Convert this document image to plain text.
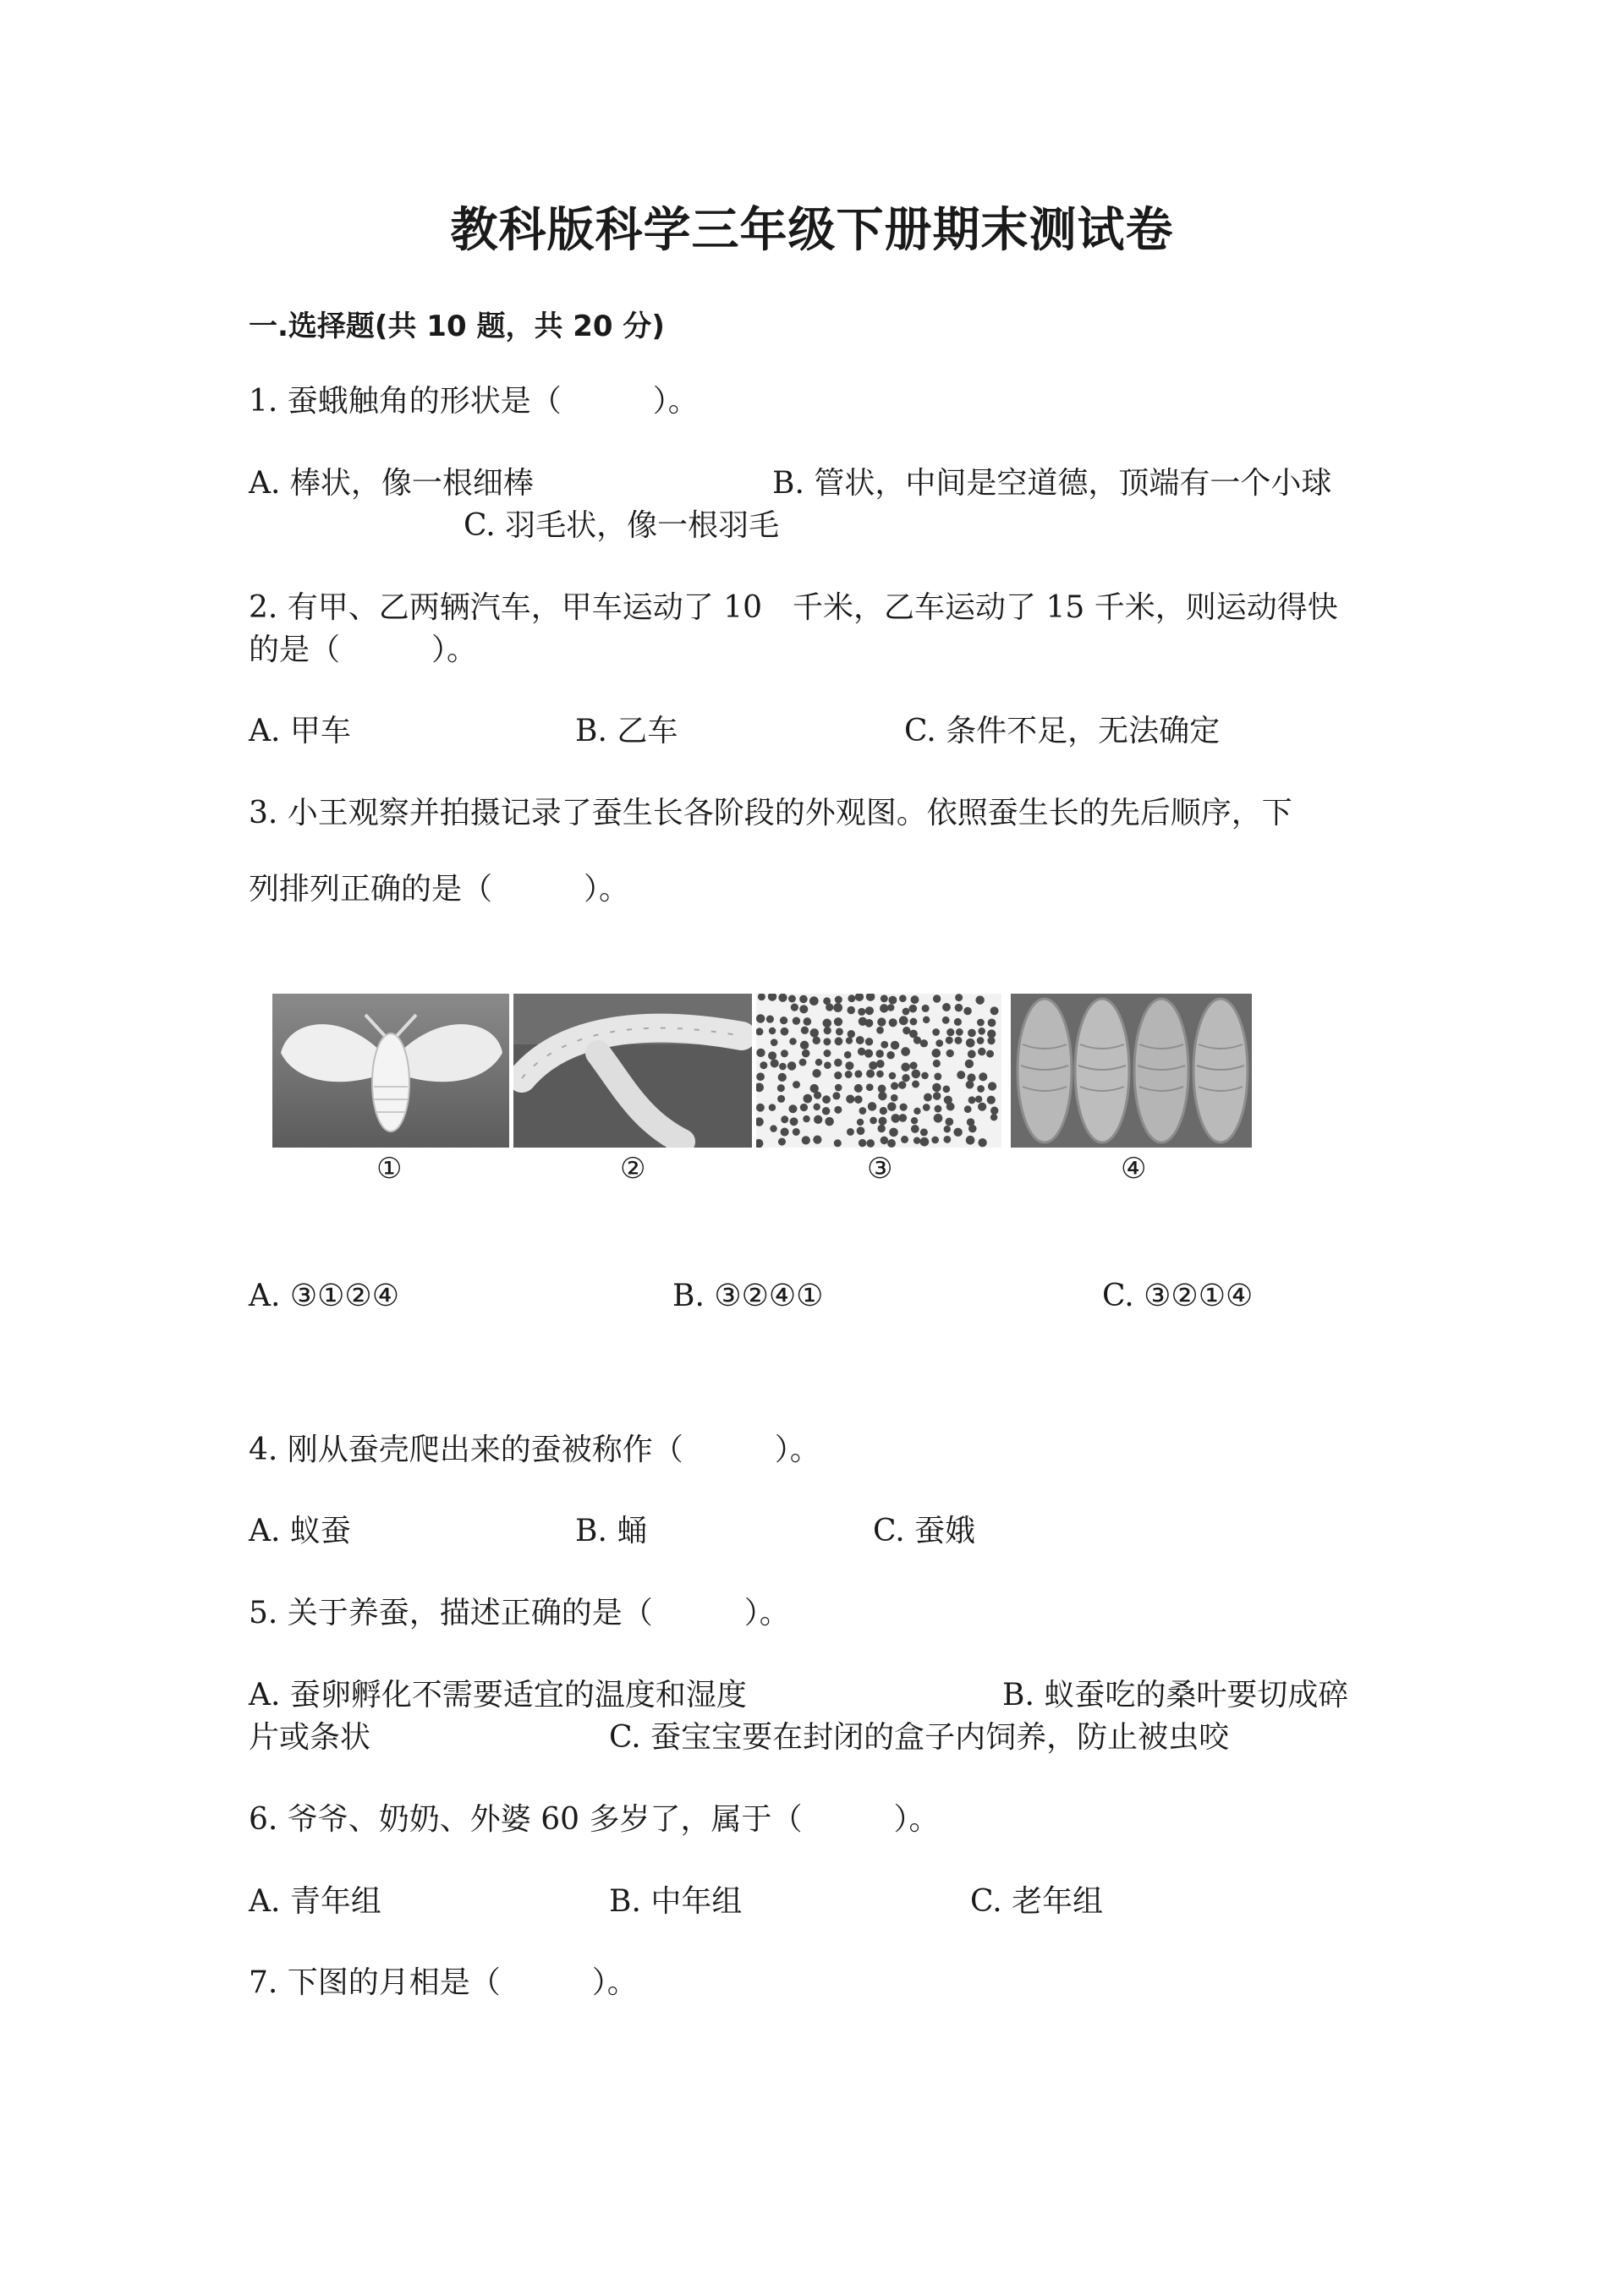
教科版科学三年级下册期末测试卷
一.选择题(共 10 题，共 20 分)
1. 蚕蛾触角的形状是（　　　）。
A. 棒状，像一根细棒	B. 管状，中间是空道德，顶端有一个小球
C. 羽毛状，像一根羽毛
2. 有甲、乙两辆汽车，甲车运动了 10　千米，乙车运动了 15 千米，则运动得快
的是（　　　）。
A. 甲车	B. 乙车	C. 条件不足，无法确定
3. 小王观察并拍摄记录了蚕生长各阶段的外观图。依照蚕生长的先后顺序，下
列排列正确的是（　　　）。
①	②	③	④
A. ③①②④	B. ③②④①	C. ③②①④
4. 刚从蚕壳爬出来的蚕被称作（　　　）。
A. 蚁蚕	B. 蛹	C. 蚕娥
5. 关于养蚕，描述正确的是（　　　）。
A. 蚕卵孵化不需要适宜的温度和湿度	B. 蚁蚕吃的桑叶要切成碎
片或条状	C. 蚕宝宝要在封闭的盒子内饲养，防止被虫咬
6. 爷爷、奶奶、外婆 60 多岁了，属于（　　　）。
A. 青年组	B. 中年组	C. 老年组
7. 下图的月相是（　　　）。
